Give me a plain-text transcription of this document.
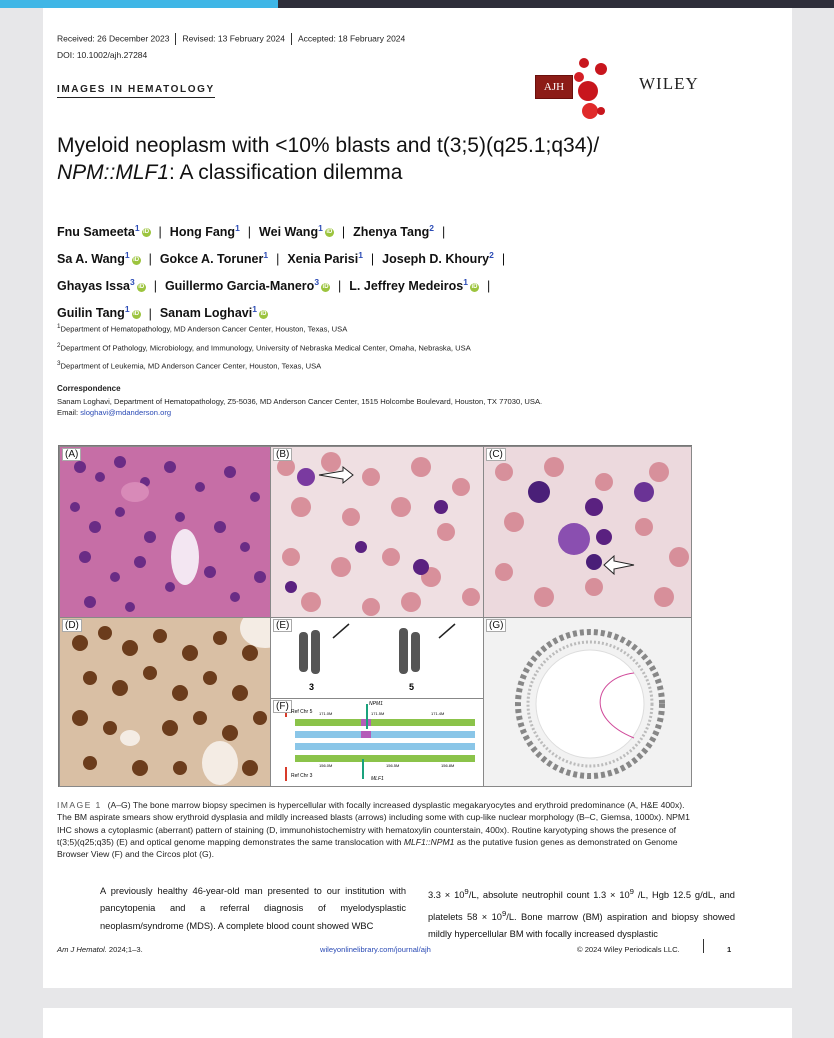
Received: 26 December 2023 Revised: 13 February 2024 Accepted: 18 February 2024
DOI: 10.1002/ajh.27284
IMAGES IN HEMATOLOGY	AJH	WILEY
Myeloid neoplasm with <10% blasts and t(3;5)(q25.1;q34)/
NPM::MLF1: A classification dilemma
Fnu Sameeta$^1$ iD | Hong Fang$^1$ | Wei Wang$^1$ iD | Zhenya Tang$^2$ |
Sa A. Wang$^1$ iD | Gokce A. Toruner$^1$ | Xenia Parisi$^1$ | Joseph D. Khoury$^2$ |
Ghayas Issa$^3$ iD | Guillermo Garcia-Manero$^3$ iD | L. Jeffrey Medeiros$^1$ iD |
Guilin Tang$^1$ iD | Sanam Loghavi$^1$ iD
$^1$Department of Hematopathology, MD Anderson Cancer Center, Houston, Texas, USA
$^2$Department Of Pathology, Microbiology, and Immunology, University of Nebraska Medical Center, Omaha, Nebraska, USA
$^3$Department of Leukemia, MD Anderson Cancer Center, Houston, Texas, USA
Correspondence
Sanam Loghavi, Department of Hematopathology, Z5-5036, MD Anderson Cancer Center, 1515 Holcombe Boulevard, Houston, TX 77030, USA.
Email: sloghavi@mdanderson.org
(A)	(B)	(C)
(D)	(E)
3	5
(F)	NPM1
MLF1
Ref Chr 5
Ref Chr 3
171.0M	171.5M	171.4M
156.0M	156.5M	156.8M
(G)
IMAGE 1 (A–G) The bone marrow biopsy specimen is hypercellular with focally increased dysplastic megakaryocytes and erythroid predominance (A, H&E 400x). The BM aspirate smears show erythroid dysplasia and mildly increased blasts (arrows) including some with cup-like nuclear morphology (B–C, Giemsa, 1000x). NPM1 IHC shows a cytoplasmic (aberrant) pattern of staining (D, immunohistochemistry with hematoxylin counterstain, 400x). Routine karyotyping shows the presence of t(3;5)(q25;q35) (E) and optical genome mapping demonstrates the same translocation with MLF1::NPM1 as the putative fusion genes as demonstrated on Genome Browser View (F) and the Circos plot (G).
A previously healthy 46-year-old man presented to our institution with pancytopenia and a referral diagnosis of myelodysplastic neoplasm/syndrome (MDS). A complete blood count showed WBC
$3.3 \times 10^9/L$, absolute neutrophil count $1.3 \times 10^9$ /L, Hgb 12.5 g/dL, and platelets $58 \times 10^9/L$. Bone marrow (BM) aspiration and biopsy showed mildly hypercellular BM with focally increased dysplastic
Am J Hematol. 2024;1–3.	wileyonlinelibrary.com/journal/ajh	© 2024 Wiley Periodicals LLC.	1
